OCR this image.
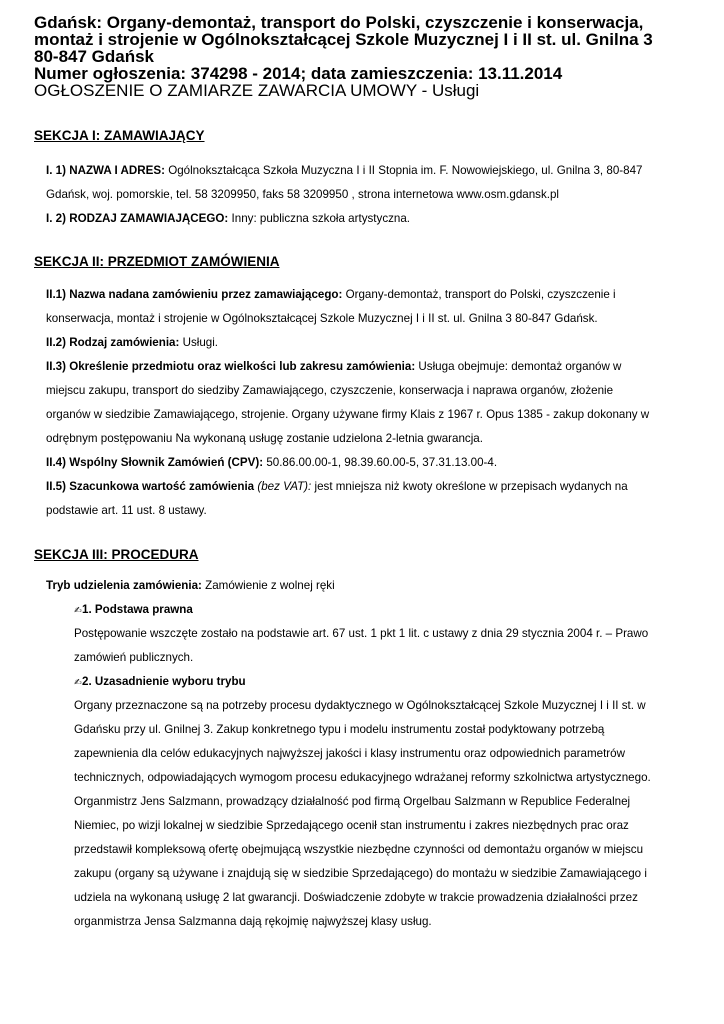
Gdańsk: Organy-demontaż, transport do Polski, czyszczenie i konserwacja,

montaż i strojenie w Ogólnokształcącej Szkole Muzycznej I i II st. ul. Gnilna 3

80-847 Gdańsk

Numer ogłoszenia: 374298 - 2014; data zamieszczenia: 13.11.2014

OGŁOSZENIE O ZAMIARZE ZAWARCIA UMOWY - Usługi

SEKCJA I: ZAMAWIAJĄCY

I. 1) NAZWA I ADRES: Ogólnokształcąca Szkoła Muzyczna I i II Stopnia im. F. Nowowiejskiego, ul. Gnilna 3, 80-847

Gdańsk, woj. pomorskie, tel. 58 3209950, faks 58 3209950 , strona internetowa www.osm.gdansk.pl

I. 2) RODZAJ ZAMAWIAJĄCEGO: Inny: publiczna szkoła artystyczna.

SEKCJA II: PRZEDMIOT ZAMÓWIENIA

II.1) Nazwa nadana zamówieniu przez zamawiającego: Organy-demontaż, transport do Polski, czyszczenie i

konserwacja, montaż i strojenie w Ogólnokształcącej Szkole Muzycznej I i II st. ul. Gnilna 3 80-847 Gdańsk.

II.2) Rodzaj zamówienia: Usługi.

II.3) Określenie przedmiotu oraz wielkości lub zakresu zamówienia: Usługa obejmuje: demontaż organów w

miejscu zakupu, transport do siedziby Zamawiającego, czyszczenie, konserwacja i naprawa organów, złożenie

organów w siedzibie Zamawiającego, strojenie. Organy używane firmy Klais z 1967 r. Opus 1385 - zakup dokonany w

odrębnym postępowaniu Na wykonaną usługę zostanie udzielona 2-letnia gwarancja.

II.4) Wspólny Słownik Zamówień (CPV): 50.86.00.00-1, 98.39.60.00-5, 37.31.13.00-4.

II.5) Szacunkowa wartość zamówienia (bez VAT): jest mniejsza niż kwoty określone w przepisach wydanych na

podstawie art. 11 ust. 8 ustawy.

SEKCJA III: PROCEDURA

Tryb udzielenia zamówienia: Zamówienie z wolnej ręki

✍1. Podstawa prawna

Postępowanie wszczęte zostało na podstawie art. 67 ust. 1 pkt 1 lit. c ustawy z dnia 29 stycznia 2004 r. – Prawo

zamówień publicznych.

✍2. Uzasadnienie wyboru trybu

Organy przeznaczone są na potrzeby procesu dydaktycznego w Ogólnokształcącej Szkole Muzycznej I i II st. w

Gdańsku przy ul. Gnilnej 3. Zakup konkretnego typu i modelu instrumentu został podyktowany potrzebą

zapewnienia dla celów edukacyjnych najwyższej jakości i klasy instrumentu oraz odpowiednich parametrów

technicznych, odpowiadających wymogom procesu edukacyjnego wdrażanej reformy szkolnictwa artystycznego.

Organmistrz Jens Salzmann, prowadzący działalność pod firmą Orgelbau Salzmann w Republice Federalnej

Niemiec, po wizji lokalnej w siedzibie Sprzedającego ocenił stan instrumentu i zakres niezbędnych prac oraz

przedstawił kompleksową ofertę obejmującą wszystkie niezbędne czynności od demontażu organów w miejscu

zakupu (organy są używane i znajdują się w siedzibie Sprzedającego) do montażu w siedzibie Zamawiającego i

udziela na wykonaną usługę 2 lat gwarancji. Doświadczenie zdobyte w trakcie prowadzenia działalności przez

organmistrza Jensa Salzmanna dają rękojmię najwyższej klasy usług.
